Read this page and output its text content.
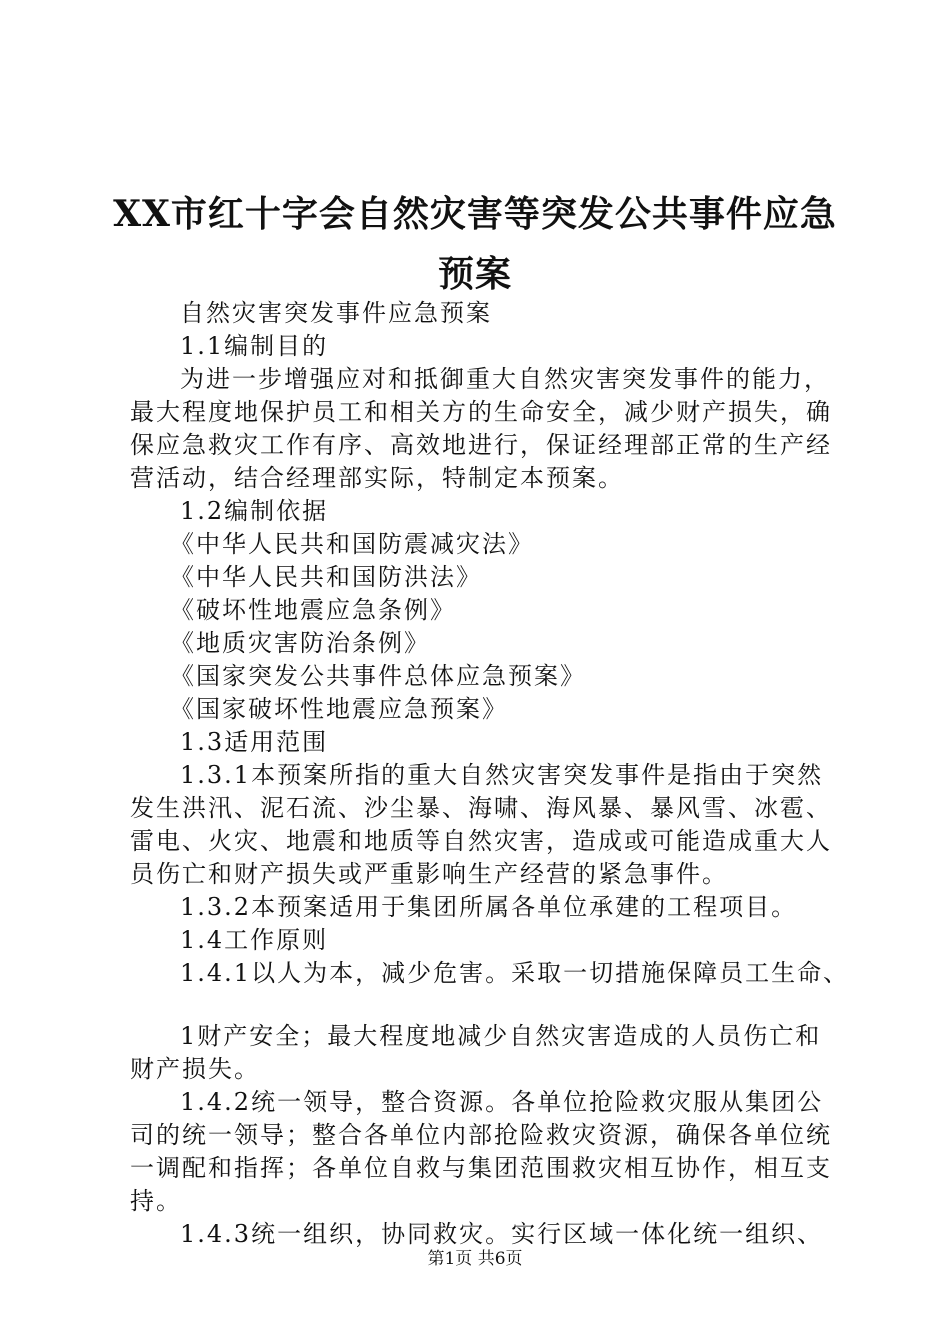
XX市红十字会自然灾害等突发公共事件应急
预案
自然灾害突发事件应急预案
1.1编制目的
为进一步增强应对和抵御重大自然灾害突发事件的能力，
最大程度地保护员工和相关方的生命安全，减少财产损失，确
保应急救灾工作有序、高效地进行，保证经理部正常的生产经
营活动，结合经理部实际，特制定本预案。
1.2编制依据
《中华人民共和国防震减灾法》
《中华人民共和国防洪法》
《破坏性地震应急条例》
《地质灾害防治条例》
《国家突发公共事件总体应急预案》
《国家破坏性地震应急预案》
1.3适用范围
1.3.1本预案所指的重大自然灾害突发事件是指由于突然
发生洪汛、泥石流、沙尘暴、海啸、海风暴、暴风雪、冰雹、
雷电、火灾、地震和地质等自然灾害，造成或可能造成重大人
员伤亡和财产损失或严重影响生产经营的紧急事件。
1.3.2本预案适用于集团所属各单位承建的工程项目。
1.4工作原则
1.4.1以人为本，减少危害。采取一切措施保障员工生命、
1财产安全；最大程度地减少自然灾害造成的人员伤亡和
财产损失。
1.4.2统一领导，整合资源。各单位抢险救灾服从集团公
司的统一领导；整合各单位内部抢险救灾资源，确保各单位统
一调配和指挥；各单位自救与集团范围救灾相互协作，相互支
持。
1.4.3统一组织，协同救灾。实行区域一体化统一组织、
第1页 共6页
